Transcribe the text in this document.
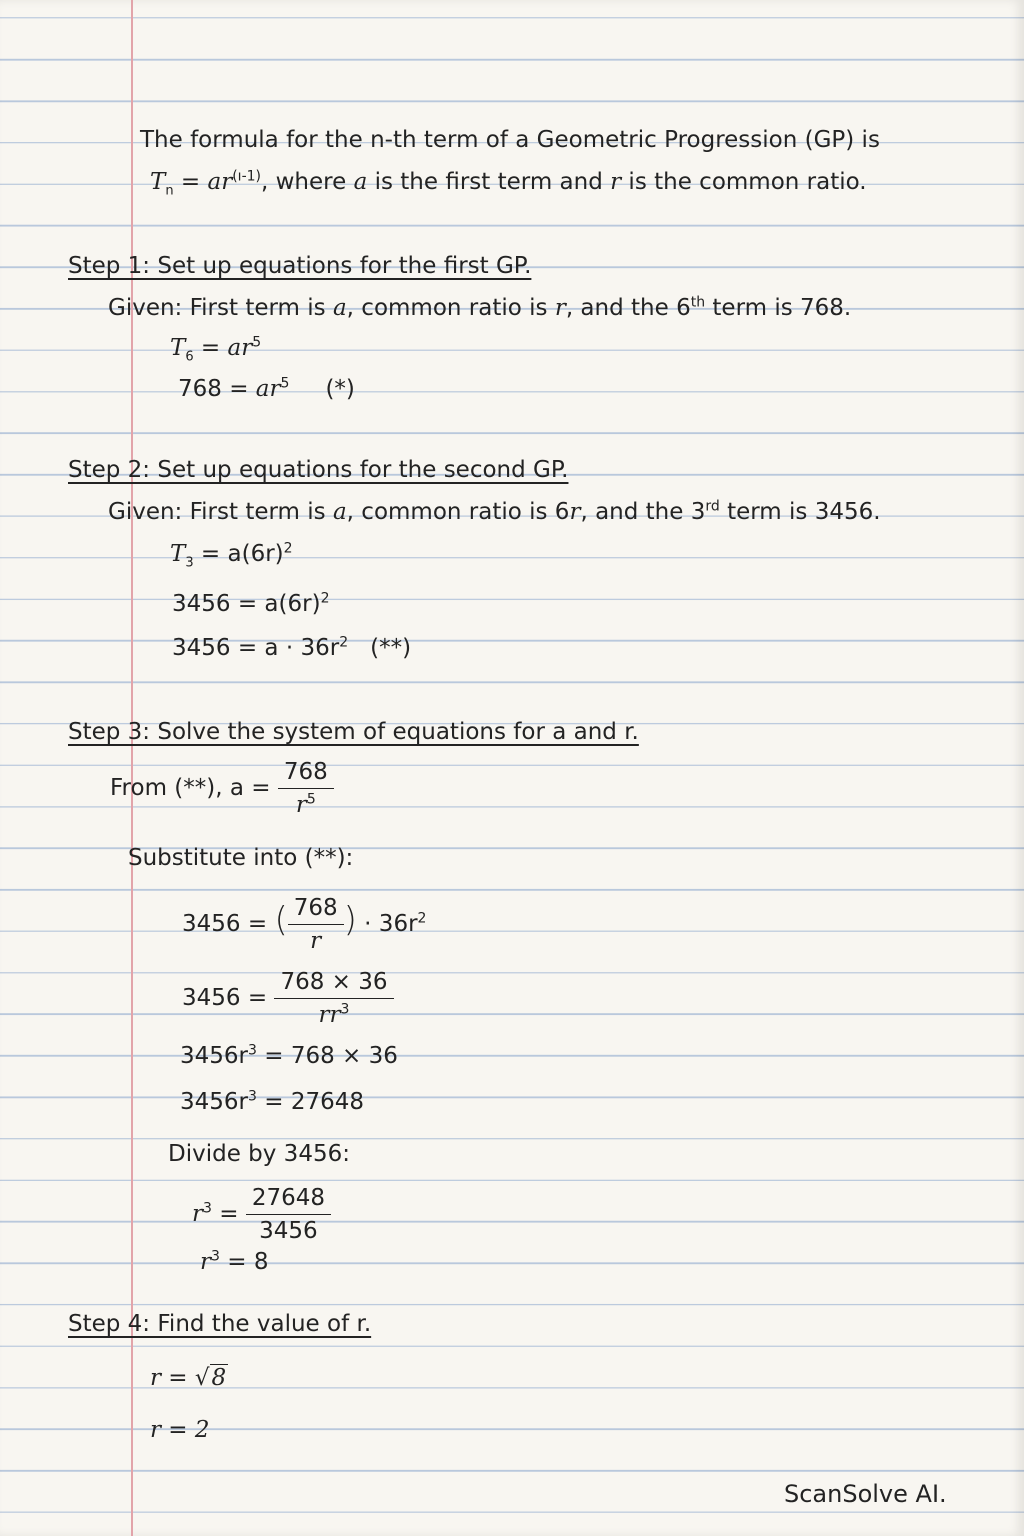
The formula for the n-th term of a Geometric Progression (GP) is
$T_n = ar^{(ı-1)}$, where a is the first term and r is the common ratio.
Step 1: Set up equations for the first GP.
Given: First term is a, common ratio is r, and the 6th term is 768.
$T_6 = ar^5$
$768 = ar^5$ (*)
Step 2: Set up equations for the second GP.
Given: First term is a, common ratio is 6r, and the 3rd term is 3456.
$T_3 = a(6r)^2$
$3456 = a(6r)^2$
$3456 = a \cdot 36r^2$ (**)
Step 3: Solve the system of equations for a and r.
From (**), $a = \frac{768}{r^5}$
Substitute into (**):
3456 = ( $\frac{768}{r}$ ) · $36r^2$
$3456 = \frac{768 \times 36}{rr^3}$
$3456r^3 = 768 \times 36$
$3456r^3 = 27648$
Divide by 3456:
$r^3 = \frac{27648}{3456}$
$r^3 = 8$
Step 4: Find the value of r.
r = √8
r = 2
ScanSolve AI.
